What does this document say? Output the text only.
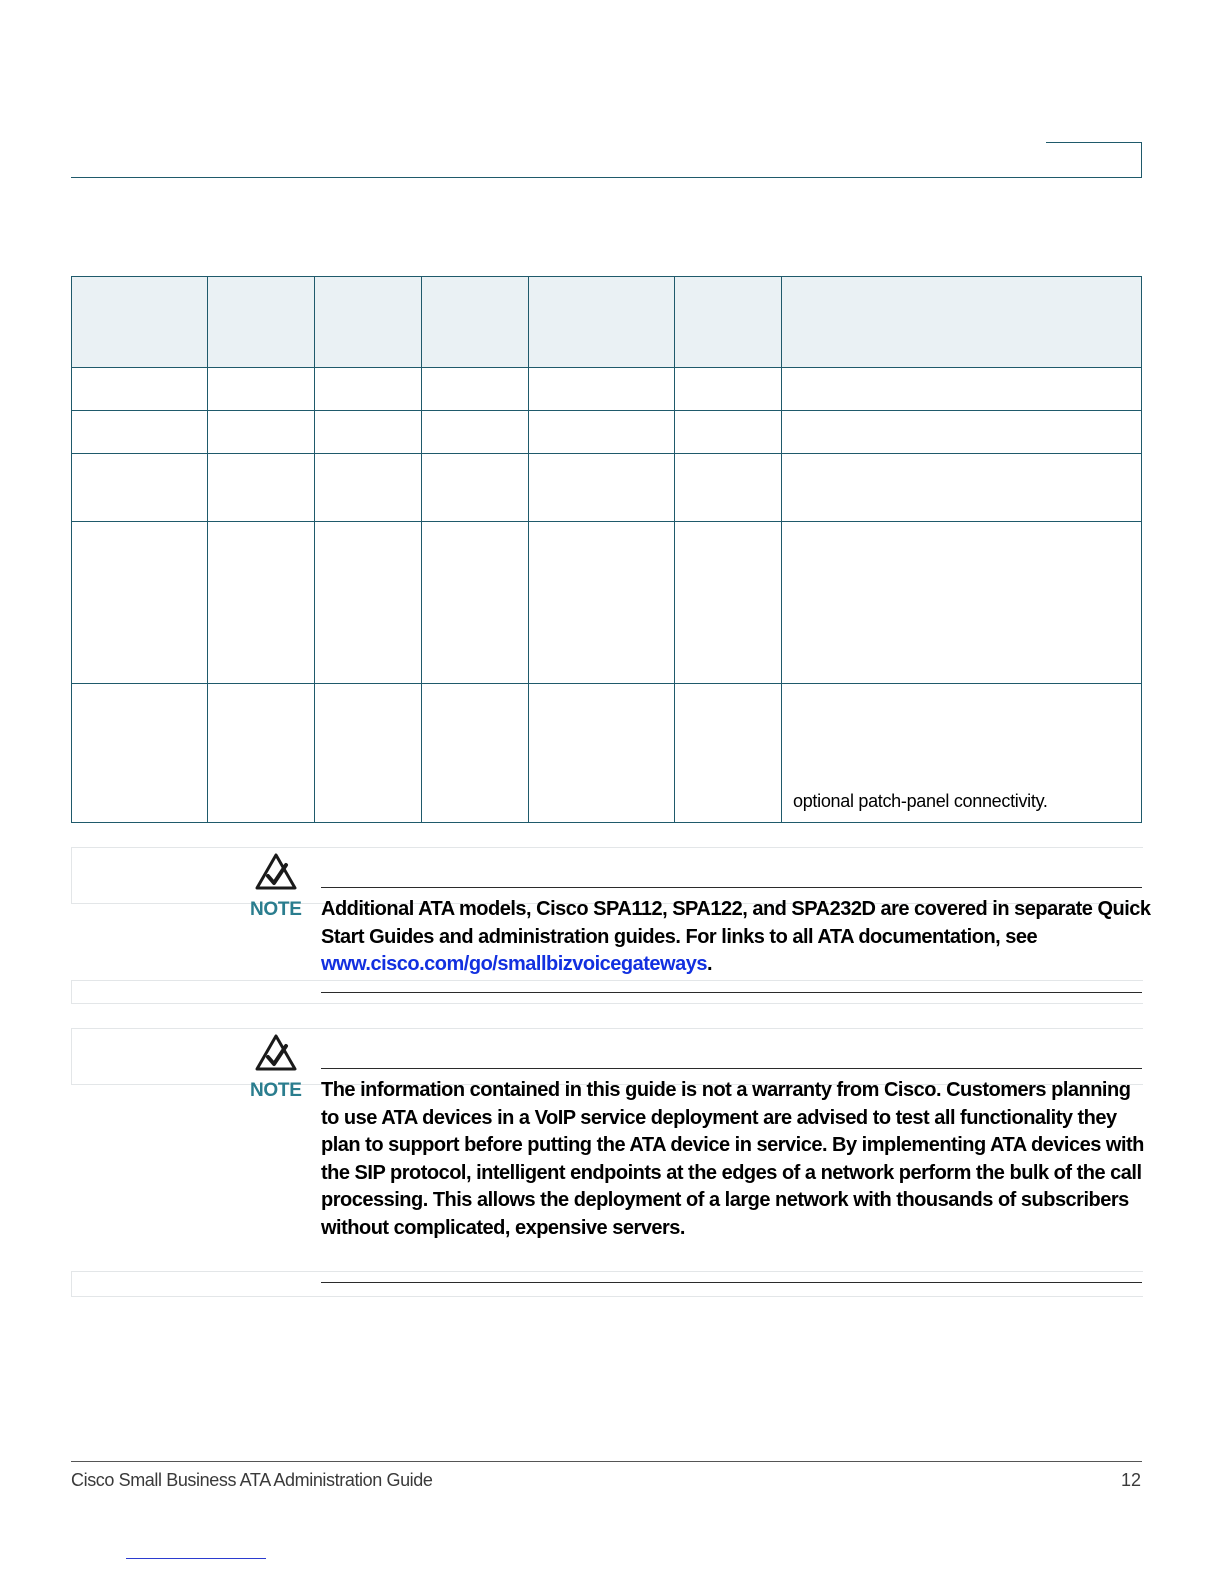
						optional patch-panel connectivity.
NOTE Additional ATA models, Cisco SPA112, SPA122, and SPA232D are covered in separate Quick Start Guides and administration guides. For links to all ATA documentation, see www.cisco.com/go/smallbizvoicegateways.

NOTE The information contained in this guide is not a warranty from Cisco. Customers planning to use ATA devices in a VoIP service deployment are advised to test all functionality they plan to support before putting the ATA device in service. By implementing ATA devices with the SIP protocol, intelligent endpoints at the edges of a network perform the bulk of the call processing. This allows the deployment of a large network with thousands of subscribers without complicated, expensive servers.

Cisco Small Business ATA Administration Guide	12
